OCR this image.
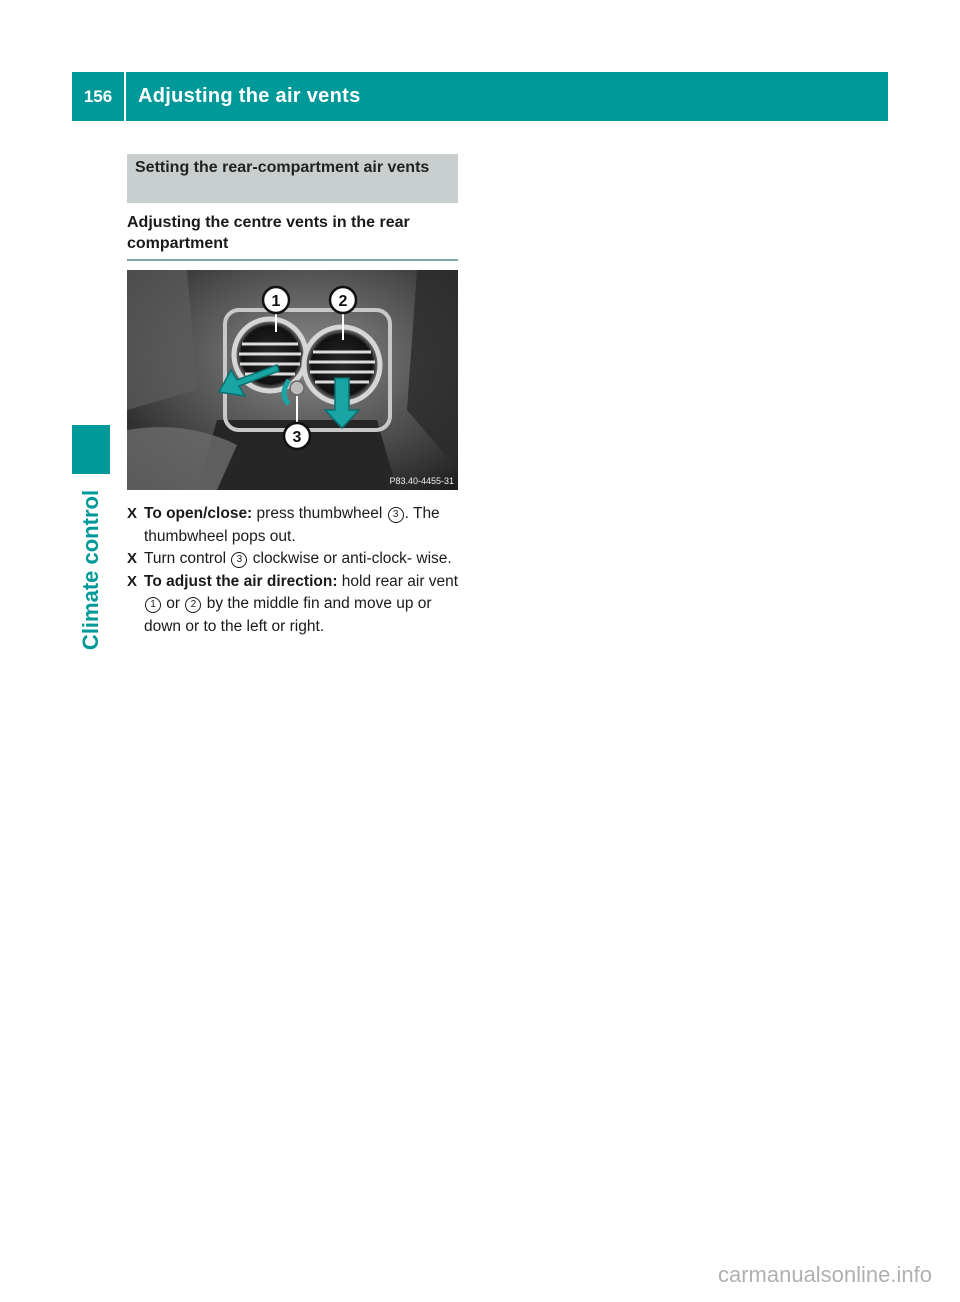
156	Adjusting the air vents
Climate control
Setting the rear-compartment air vents
Adjusting the centre vents in the rear compartment
1	2
3
P83.40-4455-31
X To open/close: press thumbwheel 3 . The thumbwheel pops out.
X Turn control 3 clockwise or anti-clock- wise.
X To adjust the air direction: hold rear air vent 1 or 2 by the middle fin and move up or down or to the left or right.
carmanualsonline.info
